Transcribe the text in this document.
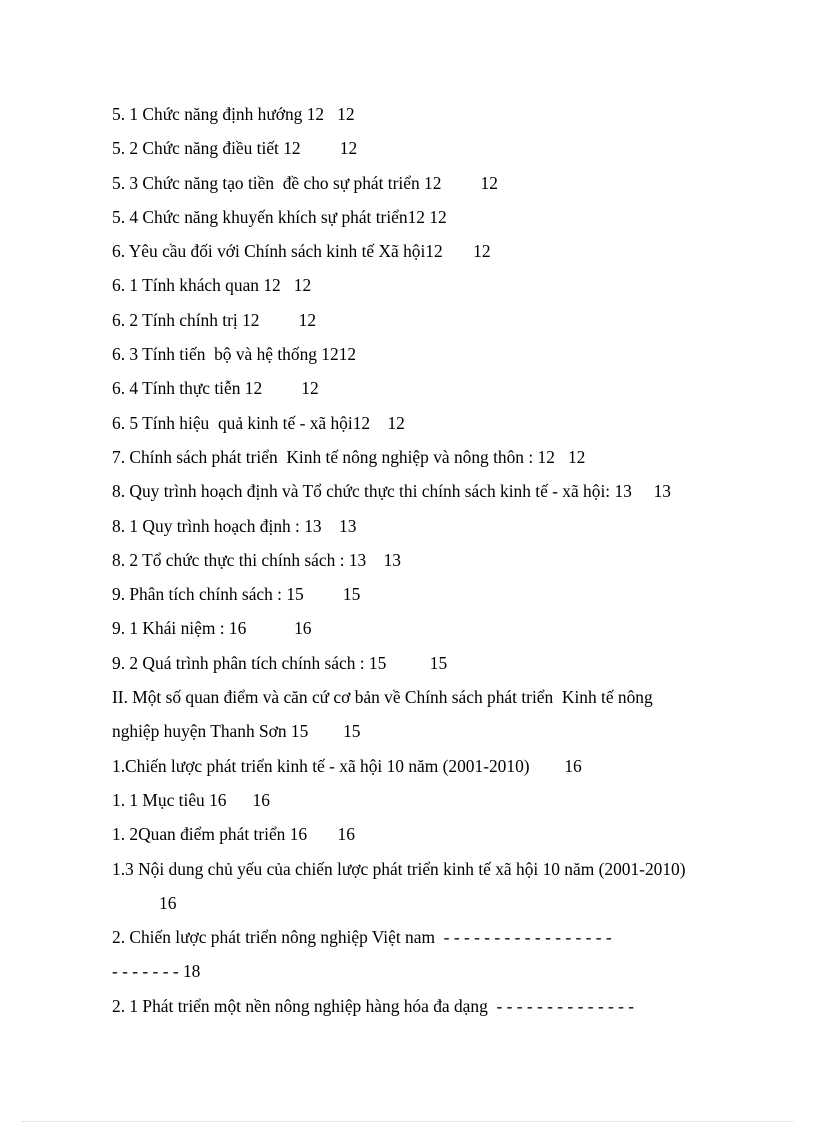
5. 1 Chức năng định hướng 12   12
5. 2 Chức năng điều tiết 12         12
5. 3 Chức năng tạo tiền  đề cho sự phát triển 12         12
5. 4 Chức năng khuyến khích sự phát triển12 12
6. Yêu cầu đối với Chính sách kinh tế Xã hội12       12
6. 1 Tính khách quan 12   12
6. 2 Tính chính trị 12         12
6. 3 Tính tiến  bộ và hệ thống 1212
6. 4 Tính thực tiễn 12         12
6. 5 Tính hiệu  quả kinh tế - xã hội12    12
7. Chính sách phát triển  Kinh tế nông nghiệp và nông thôn : 12   12
8. Quy trình hoạch định và Tổ chức thực thi chính sách kinh tế - xã hội: 13     13
8. 1 Quy trình hoạch định : 13    13
8. 2 Tổ chức thực thi chính sách : 13    13
9. Phân tích chính sách : 15         15
9. 1 Khái niệm : 16           16
9. 2 Quá trình phân tích chính sách : 15          15
II. Một số quan điểm và căn cứ cơ bản về Chính sách phát triển  Kinh tế nông
nghiệp huyện Thanh Sơn 15        15
1.Chiến lược phát triển kinh tế - xã hội 10 năm (2001-2010)        16
1. 1 Mục tiêu 16      16
1. 2Quan điểm phát triển 16       16
1.3 Nội dung chủ yếu của chiến lược phát triển kinh tế xã hội 10 năm (2001-2010)
16
2. Chiến lược phát triển nông nghiệp Việt nam  - - - - - - - - - - - - - - - - -
- - - - - - - 18
2. 1 Phát triển một nền nông nghiệp hàng hóa đa dạng  - - - - - - - - - - - - - -
